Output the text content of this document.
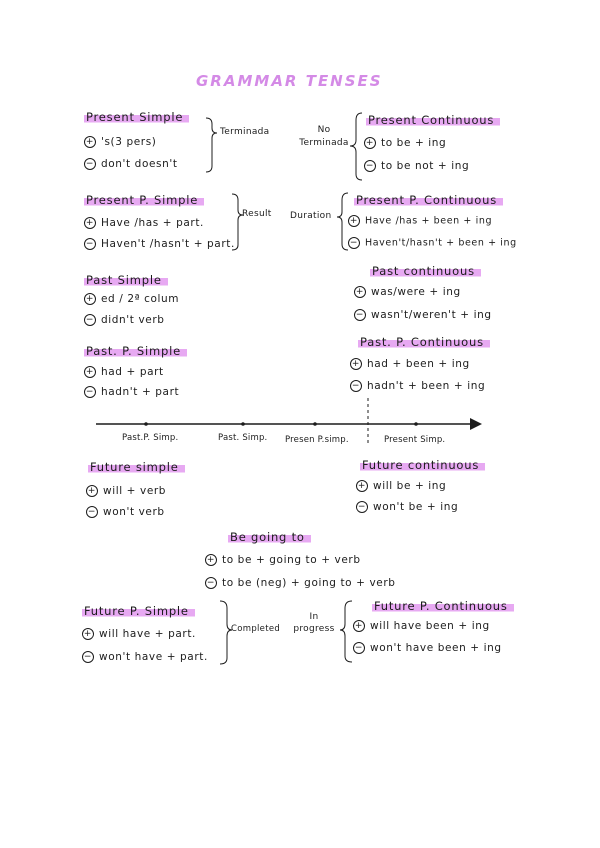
GRAMMAR TENSES
Present Simple
+ 's(3 pers)
− don't doesn't
Terminada	No
Terminada
Present Continuous
+ to be + ing
− to be not + ing
Present P. Simple
+ Have /has + part.
− Haven't /hasn't + part.
Result Duration
Present P. Continuous
+ Have /has + been + ing
− Haven't/hasn't + been + ing
Past Simple
+ ed / 2ª colum
− didn't verb
Past continuous
+ was/were + ing
− wasn't/weren't + ing
Past. P. Simple
+ had + part
− hadn't + part
Past. P. Continuous
+ had + been + ing
− hadn't + been + ing
Past.P. Simp.	Past. Simp. Presen P.simp.	Present Simp.
Future simple
+ will + verb
− won't verb
Future continuous
+ will be + ing
− won't be + ing
Be going to
+ to be + going to + verb
− to be (neg) + going to + verb
Future P. Simple
+ will have + part.
− won't have + part.
Completed
In
progress
Future P. Continuous
+ will have been + ing
− won't have been + ing
